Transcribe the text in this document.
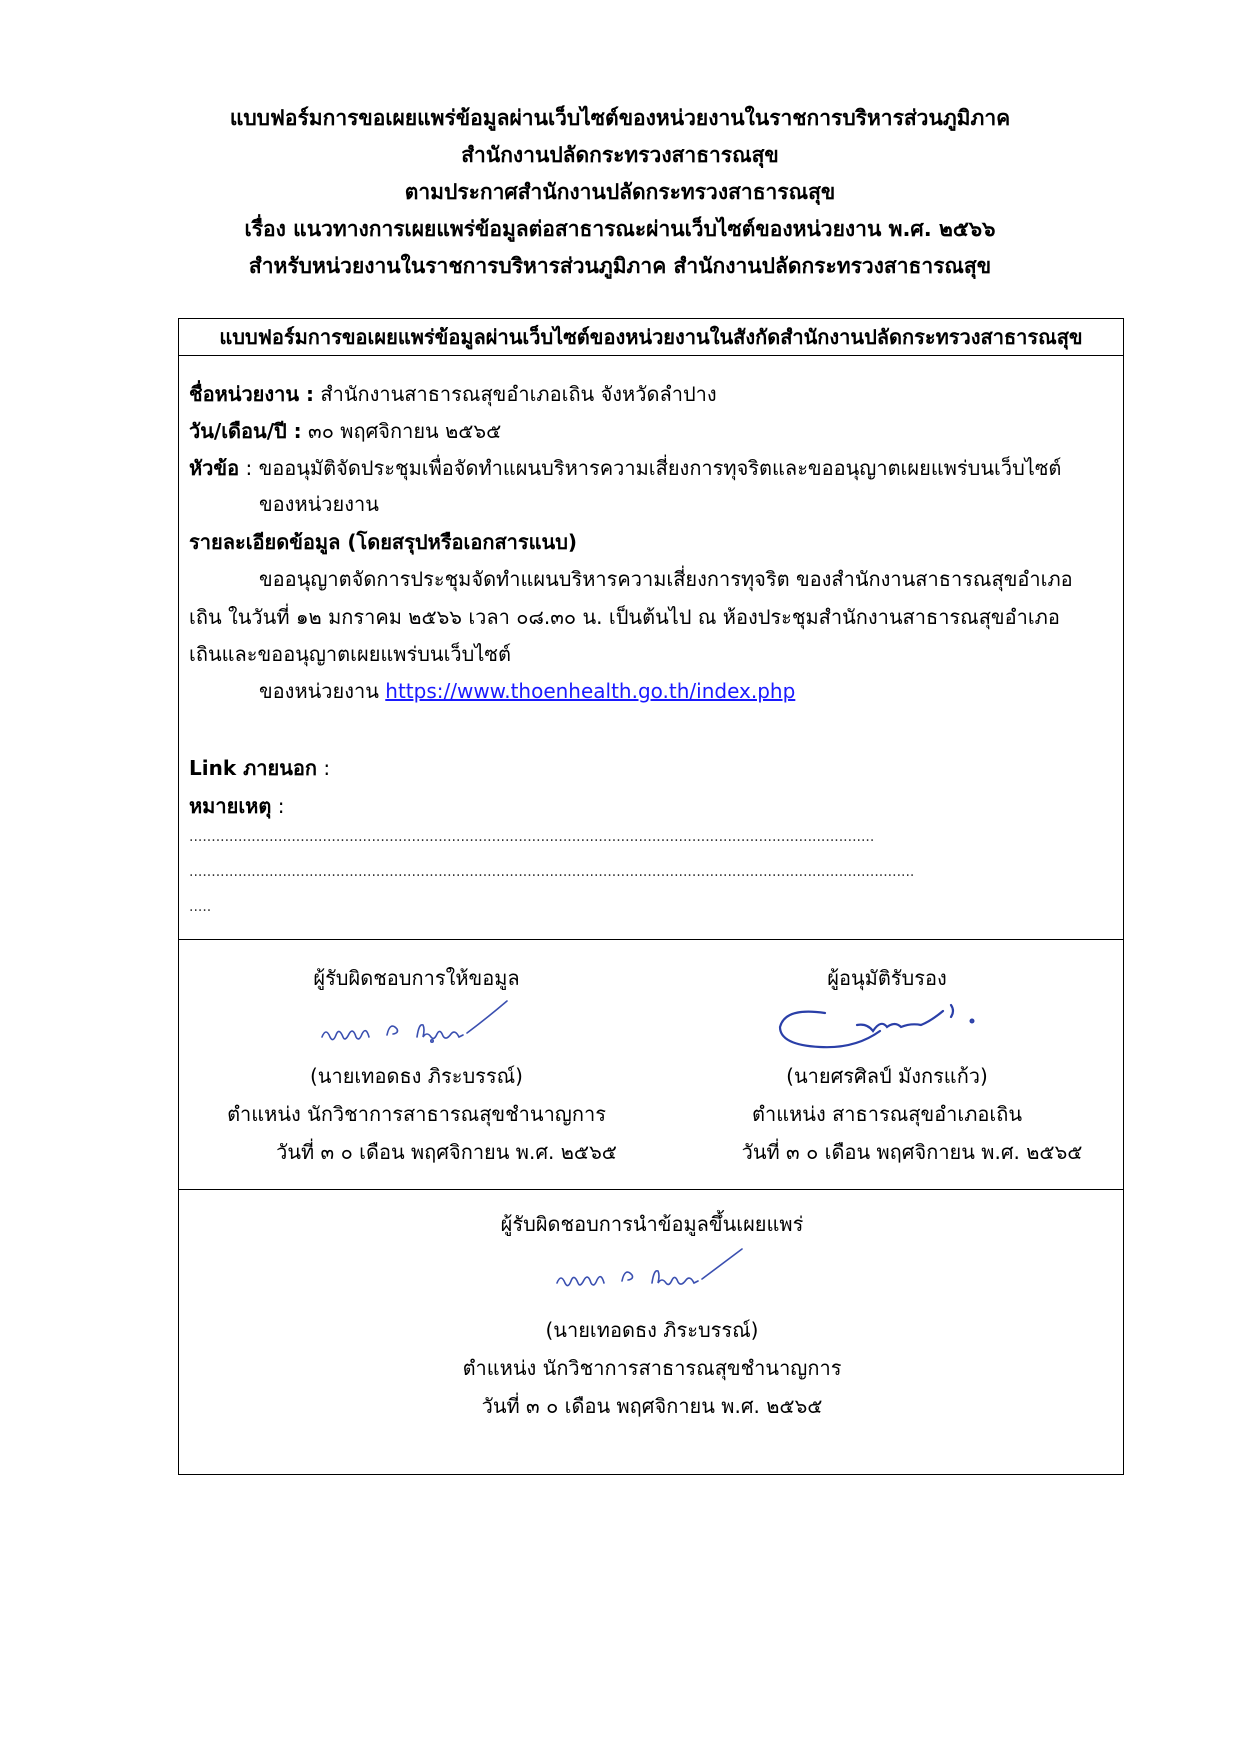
แบบฟอร์มการขอเผยแพร่ข้อมูลผ่านเว็บไซต์ของหน่วยงานในราชการบริหารส่วนภูมิภาค
สำนักงานปลัดกระทรวงสาธารณสุข
ตามประกาศสำนักงานปลัดกระทรวงสาธารณสุข
เรื่อง แนวทางการเผยแพร่ข้อมูลต่อสาธารณะผ่านเว็บไซต์ของหน่วยงาน พ.ศ. ๒๕๖๖
สำหรับหน่วยงานในราชการบริหารส่วนภูมิภาค สำนักงานปลัดกระทรวงสาธารณสุข
แบบฟอร์มการขอเผยแพร่ข้อมูลผ่านเว็บไซต์ของหน่วยงานในสังกัดสำนักงานปลัดกระทรวงสาธารณสุข
ชื่อหน่วยงาน : สำนักงานสาธารณสุขอำเภอเถิน จังหวัดลำปาง
วัน/เดือน/ปี : ๓๐ พฤศจิกายน ๒๕๖๕
หัวข้อ : ขออนุมัติจัดประชุมเพื่อจัดทำแผนบริหารความเสี่ยงการทุจริตและขออนุญาตเผยแพร่บนเว็บไซต์
ของหน่วยงาน
รายละเอียดข้อมูล (โดยสรุปหรือเอกสารแนบ)
ขออนุญาตจัดการประชุมจัดทำแผนบริหารความเสี่ยงการทุจริต ของสำนักงานสาธารณสุขอำเภอ
เถิน ในวันที่ ๑๒ มกราคม ๒๕๖๖ เวลา ๐๘.๓๐ น. เป็นต้นไป ณ ห้องประชุมสำนักงานสาธารณสุขอำเภอ
เถินและขออนุญาตเผยแพร่บนเว็บไซต์
ของหน่วยงาน https://www.thoenhealth.go.th/index.php
Link ภายนอก :
หมายเหตุ :
..........................................................................................................................................................
...................................................................................................................................................................
.....
ผู้รับผิดชอบการให้ขอมูล
(นายเทอดธง ภิระบรรณ์)
ตำแหน่ง นักวิชาการสาธารณสุขชำนาญการ
วันที่ ๓ ๐ เดือน พฤศจิกายน พ.ศ. ๒๕๖๕
ผู้อนุมัติรับรอง
(นายศรศิลป์ มังกรแก้ว)
ตำแหน่ง สาธารณสุขอำเภอเถิน
วันที่ ๓ ๐ เดือน พฤศจิกายน พ.ศ. ๒๕๖๕
ผู้รับผิดชอบการนำข้อมูลขึ้นเผยแพร่
(นายเทอดธง ภิระบรรณ์)
ตำแหน่ง นักวิชาการสาธารณสุขชำนาญการ
วันที่ ๓ ๐ เดือน พฤศจิกายน พ.ศ. ๒๕๖๕
